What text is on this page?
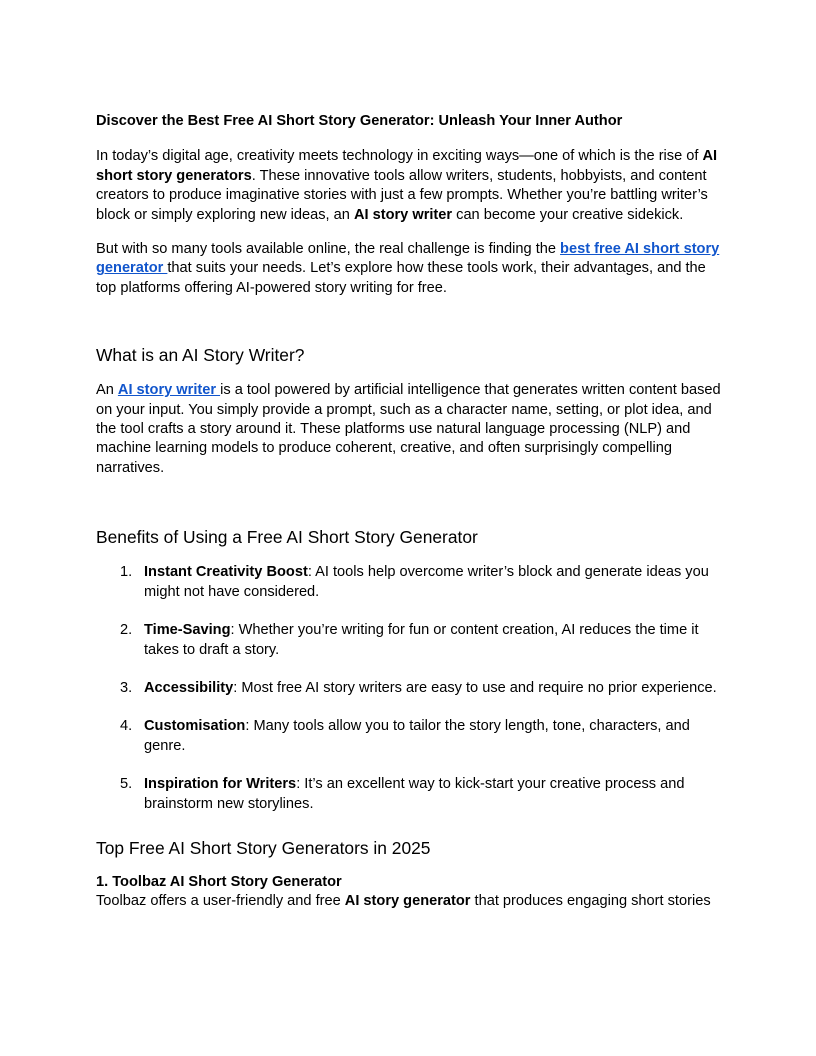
Discover the Best Free AI Short Story Generator: Unleash Your Inner Author

In today’s digital age, creativity meets technology in exciting ways—one of which is the rise of AI short story generators. These innovative tools allow writers, students, hobbyists, and content creators to produce imaginative stories with just a few prompts. Whether you’re battling writer’s block or simply exploring new ideas, an AI story writer can become your creative sidekick.

But with so many tools available online, the real challenge is finding the best free AI short story generator that suits your needs. Let’s explore how these tools work, their advantages, and the top platforms offering AI-powered story writing for free.

What is an AI Story Writer?

An AI story writer is a tool powered by artificial intelligence that generates written content based on your input. You simply provide a prompt, such as a character name, setting, or plot idea, and the tool crafts a story around it. These platforms use natural language processing (NLP) and machine learning models to produce coherent, creative, and often surprisingly compelling narratives.

Benefits of Using a Free AI Short Story Generator
1. Instant Creativity Boost: AI tools help overcome writer’s block and generate ideas you might not have considered.
2. Time-Saving: Whether you’re writing for fun or content creation, AI reduces the time it takes to draft a story.
3. Accessibility: Most free AI story writers are easy to use and require no prior experience.
4. Customisation: Many tools allow you to tailor the story length, tone, characters, and genre.
5. Inspiration for Writers: It’s an excellent way to kick-start your creative process and brainstorm new storylines.
Top Free AI Short Story Generators in 2025

1. Toolbaz AI Short Story Generator

Toolbaz offers a user-friendly and free AI story generator that produces engaging short stories
